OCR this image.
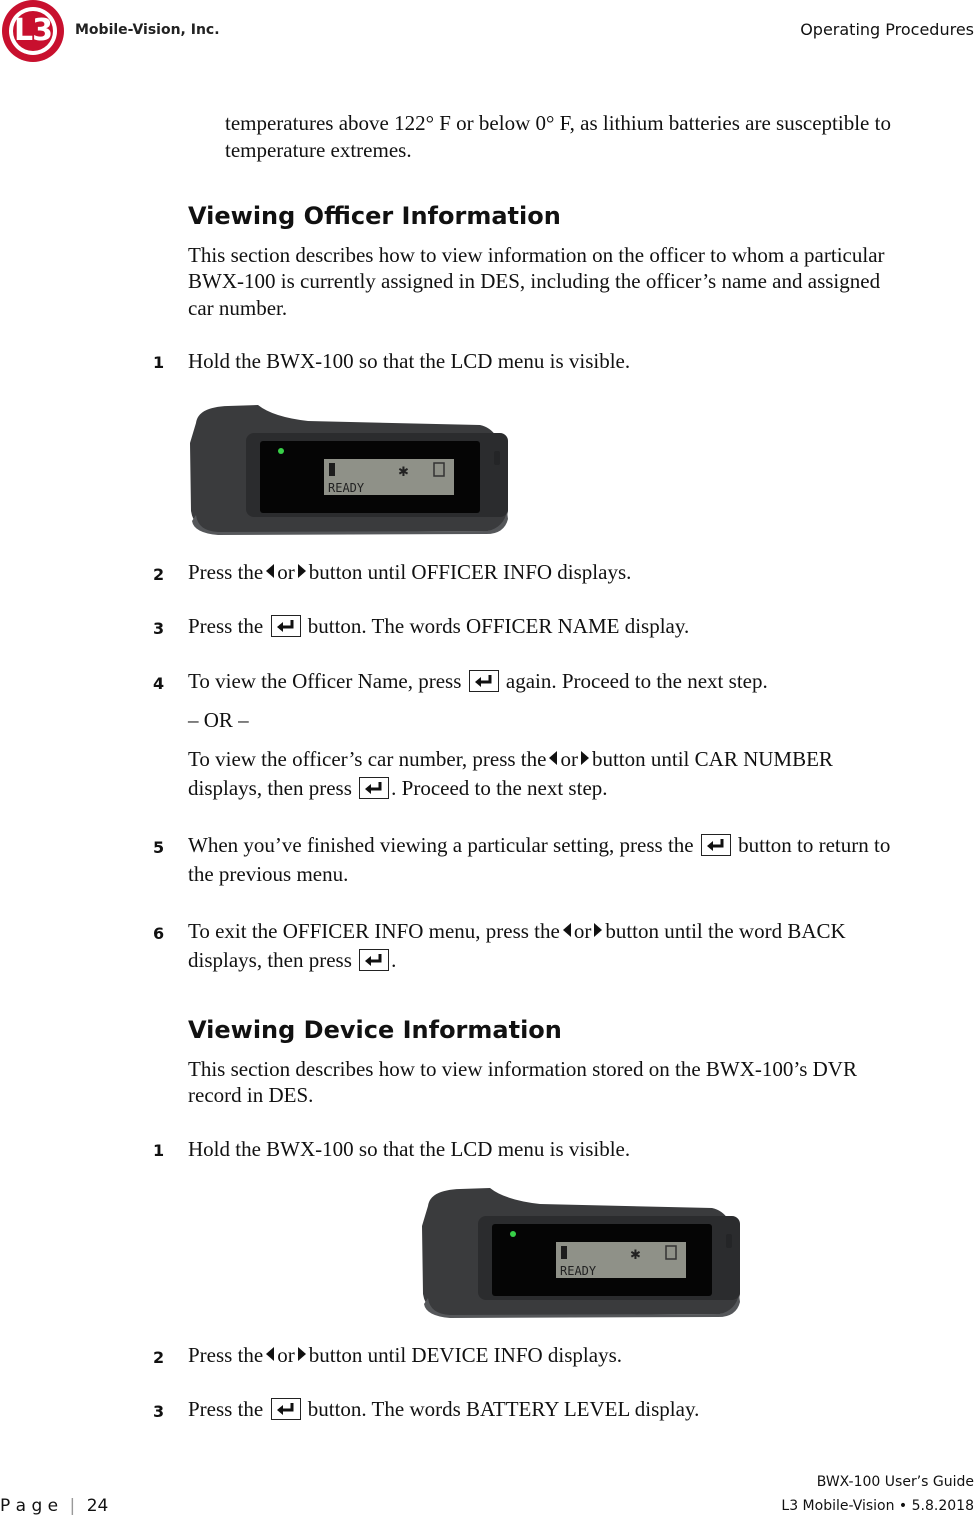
L3 Mobile-Vision, Inc.	Operating Procedures
temperatures above 122° F or below 0° F, as lithium batteries are susceptible to
temperature extremes.
Viewing Officer Information
This section describes how to view information on the officer to whom a particular
BWX-100 is currently assigned in DES, including the officer’s name and assigned
car number.
1 Hold the BWX-100 so that the LCD menu is visible.
✱
READY
2 Press the or button until OFFICER INFO displays.
3 Press the button. The words OFFICER NAME display.
4 To view the Officer Name, press again. Proceed to the next step.
– OR –
To view the officer’s car number, press the or button until CAR NUMBER
displays, then press . Proceed to the next step.
5 When you’ve finished viewing a particular setting, press the button to return to
the previous menu.
6 To exit the OFFICER INFO menu, press the or button until the word BACK
displays, then press .
Viewing Device Information
This section describes how to view information stored on the BWX-100’s DVR
record in DES.
1 Hold the BWX-100 so that the LCD menu is visible.
✱
READY
2 Press the or button until DEVICE INFO displays.
3 Press the button. The words BATTERY LEVEL display.
P a g e | 24
BWX-100 User’s Guide
L3 Mobile-Vision • 5.8.2018
